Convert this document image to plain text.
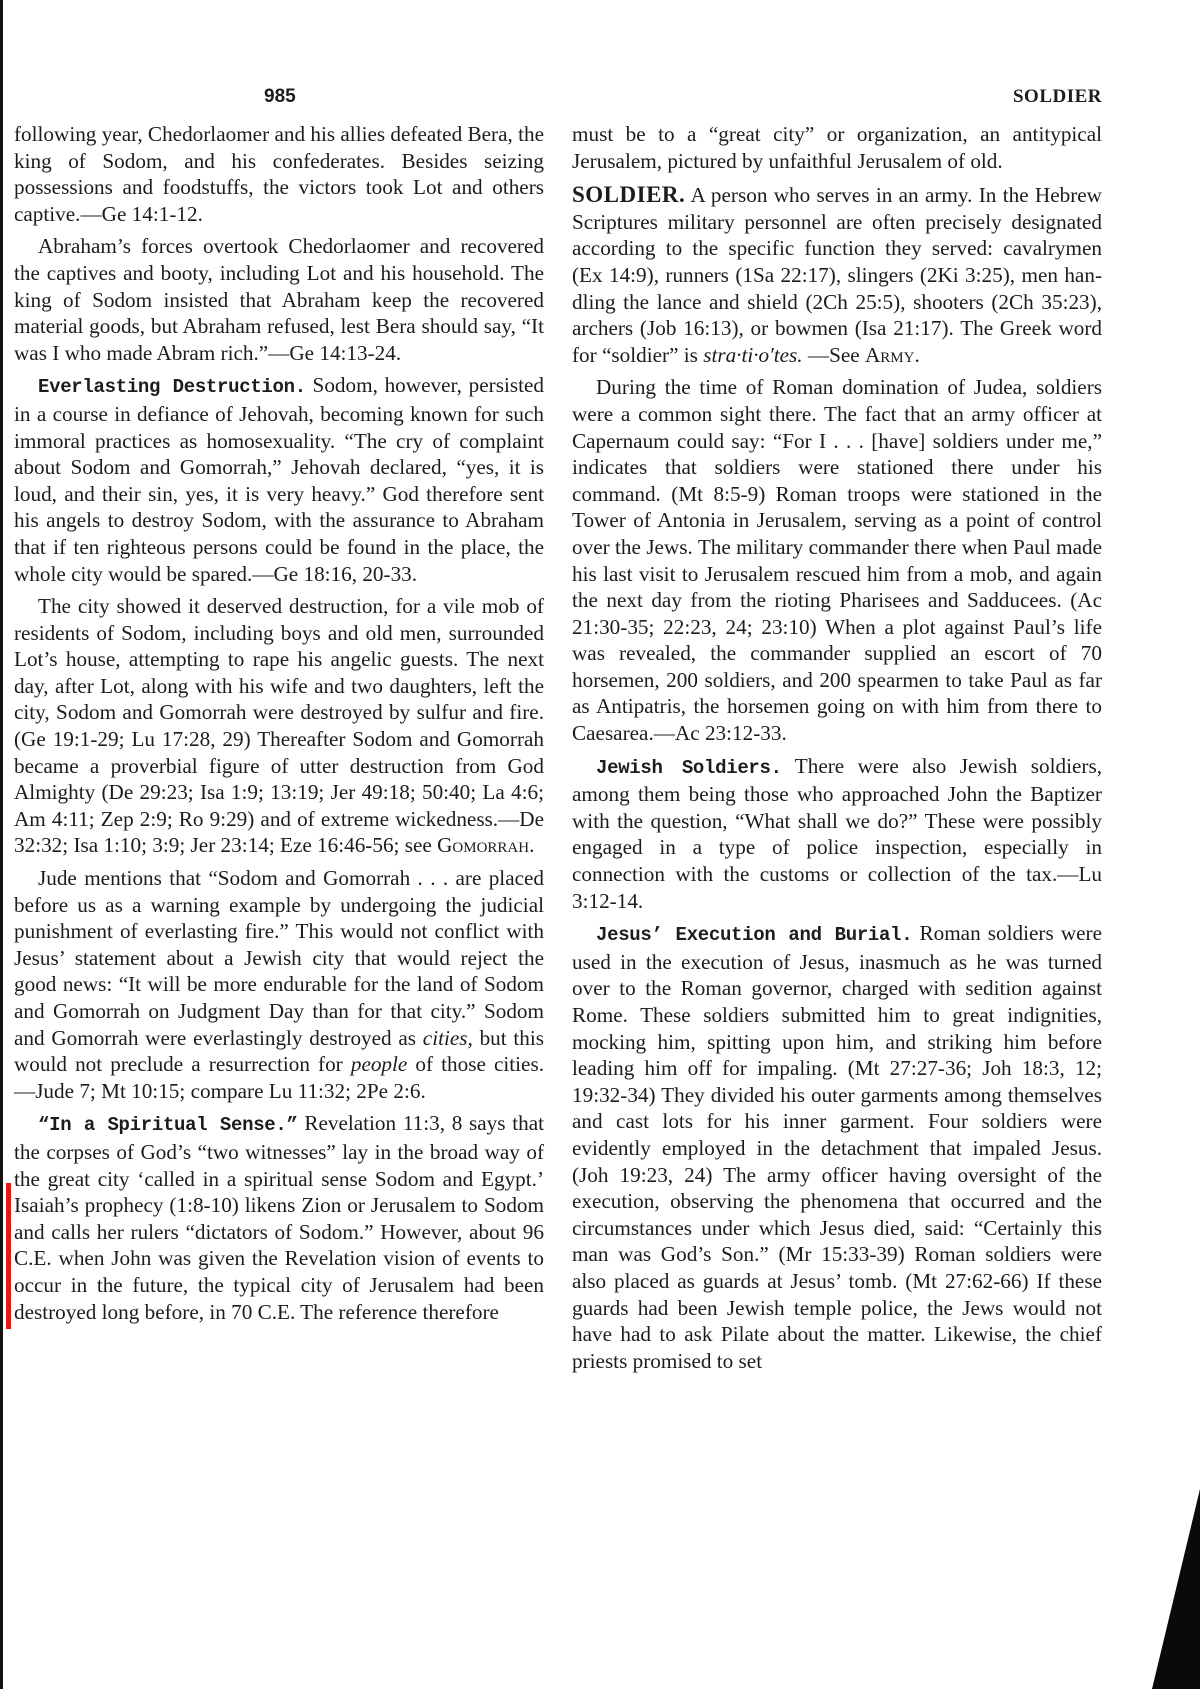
985	SOLDIER

following year, Chedorlaomer and his allies defeated Bera, the king of Sodom, and his confederates. Besides seizing possessions and foodstuffs, the victors took Lot and others captive.—Ge 14:1-12.

Abraham’s forces overtook Chedorlaomer and recovered the captives and booty, including Lot and his household. The king of Sodom insisted that Abraham keep the recovered material goods, but Abraham refused, lest Bera should say, “It was I who made Abram rich.”—Ge 14:13-24.

Everlasting Destruction. Sodom, however, persisted in a course in defiance of Jehovah, becoming known for such immoral practices as homosexuality. “The cry of complaint about Sodom and Gomorrah,” Jehovah declared, “yes, it is loud, and their sin, yes, it is very heavy.” God therefore sent his angels to destroy Sodom, with the assurance to Abraham that if ten righteous persons could be found in the place, the whole city would be spared.—Ge 18:16, 20-33.

The city showed it deserved destruction, for a vile mob of residents of Sodom, including boys and old men, surrounded Lot’s house, attempting to rape his angelic guests. The next day, after Lot, along with his wife and two daughters, left the city, Sodom and Gomorrah were destroyed by sulfur and fire. (Ge 19:1-29; Lu 17:28, 29) Thereafter Sodom and Gomorrah became a proverbial figure of utter destruction from God Almighty (De 29:23; Isa 1:9; 13:19; Jer 49:18; 50:40; La 4:6; Am 4:11; Zep 2:9; Ro 9:29) and of extreme wickedness.—De 32:32; Isa 1:10; 3:9; Jer 23:14; Eze 16:46-56; see Gomorrah.

Jude mentions that “Sodom and Gomorrah . . . are placed before us as a warning example by undergoing the judicial punishment of everlasting fire.” This would not conflict with Jesus’ statement about a Jewish city that would reject the good news: “It will be more endurable for the land of Sodom and Gomorrah on Judgment Day than for that city.” Sodom and Gomorrah were everlastingly destroyed as cities, but this would not preclude a resurrection for people of those cities. —Jude 7; Mt 10:15; compare Lu 11:32; 2Pe 2:6.

“In a Spiritual Sense.” Revelation 11:3, 8 says that the corpses of God’s “two witnesses” lay in the broad way of the great city ‘called in a spiritual sense Sodom and Egypt.’ Isaiah’s prophecy (1:8-10) likens Zion or Jerusalem to Sodom and calls her rulers “dictators of Sodom.” However, about 96 C.E. when John was given the Revelation vision of events to occur in the future, the typical city of Jerusalem had been destroyed long before, in 70 C.E. The reference therefore

must be to a “great city” or organization, an antitypical Jerusalem, pictured by unfaithful Jerusalem of old.

SOLDIER. A person who serves in an army. In the Hebrew Scriptures military personnel are often precisely designated according to the specific function they served: cavalrymen (Ex 14:9), runners (1Sa 22:17), slingers (2Ki 3:25), men handling the lance and shield (2Ch 25:5), shooters (2Ch 35:23), archers (Job 16:13), or bowmen (Isa 21:17). The Greek word for “soldier” is stra·ti·o′tes. —See Army.

During the time of Roman domination of Judea, soldiers were a common sight there. The fact that an army officer at Capernaum could say: “For I . . . [have] soldiers under me,” indicates that soldiers were stationed there under his command. (Mt 8:5-9) Roman troops were stationed in the Tower of Antonia in Jerusalem, serving as a point of control over the Jews. The military commander there when Paul made his last visit to Jerusalem rescued him from a mob, and again the next day from the rioting Pharisees and Sadducees. (Ac 21:30-35; 22:23, 24; 23:10) When a plot against Paul’s life was revealed, the commander supplied an escort of 70 horsemen, 200 soldiers, and 200 spearmen to take Paul as far as Antipatris, the horsemen going on with him from there to Caesarea.—Ac 23:12-33.

Jewish Soldiers. There were also Jewish soldiers, among them being those who approached John the Baptizer with the question, “What shall we do?” These were possibly engaged in a type of police inspection, especially in connection with the customs or collection of the tax.—Lu 3:12-14.

Jesus’ Execution and Burial. Roman soldiers were used in the execution of Jesus, inasmuch as he was turned over to the Roman governor, charged with sedition against Rome. These soldiers submitted him to great indignities, mocking him, spitting upon him, and striking him before leading him off for impaling. (Mt 27:27-36; Joh 18:3, 12; 19:32-34) They divided his outer garments among themselves and cast lots for his inner garment. Four soldiers were evidently employed in the detachment that impaled Jesus. (Joh 19:23, 24) The army officer having oversight of the execution, observing the phenomena that occurred and the circumstances under which Jesus died, said: “Certainly this man was God’s Son.” (Mr 15:33-39) Roman soldiers were also placed as guards at Jesus’ tomb. (Mt 27:62-66) If these guards had been Jewish temple police, the Jews would not have had to ask Pilate about the matter. Likewise, the chief priests promised to set
